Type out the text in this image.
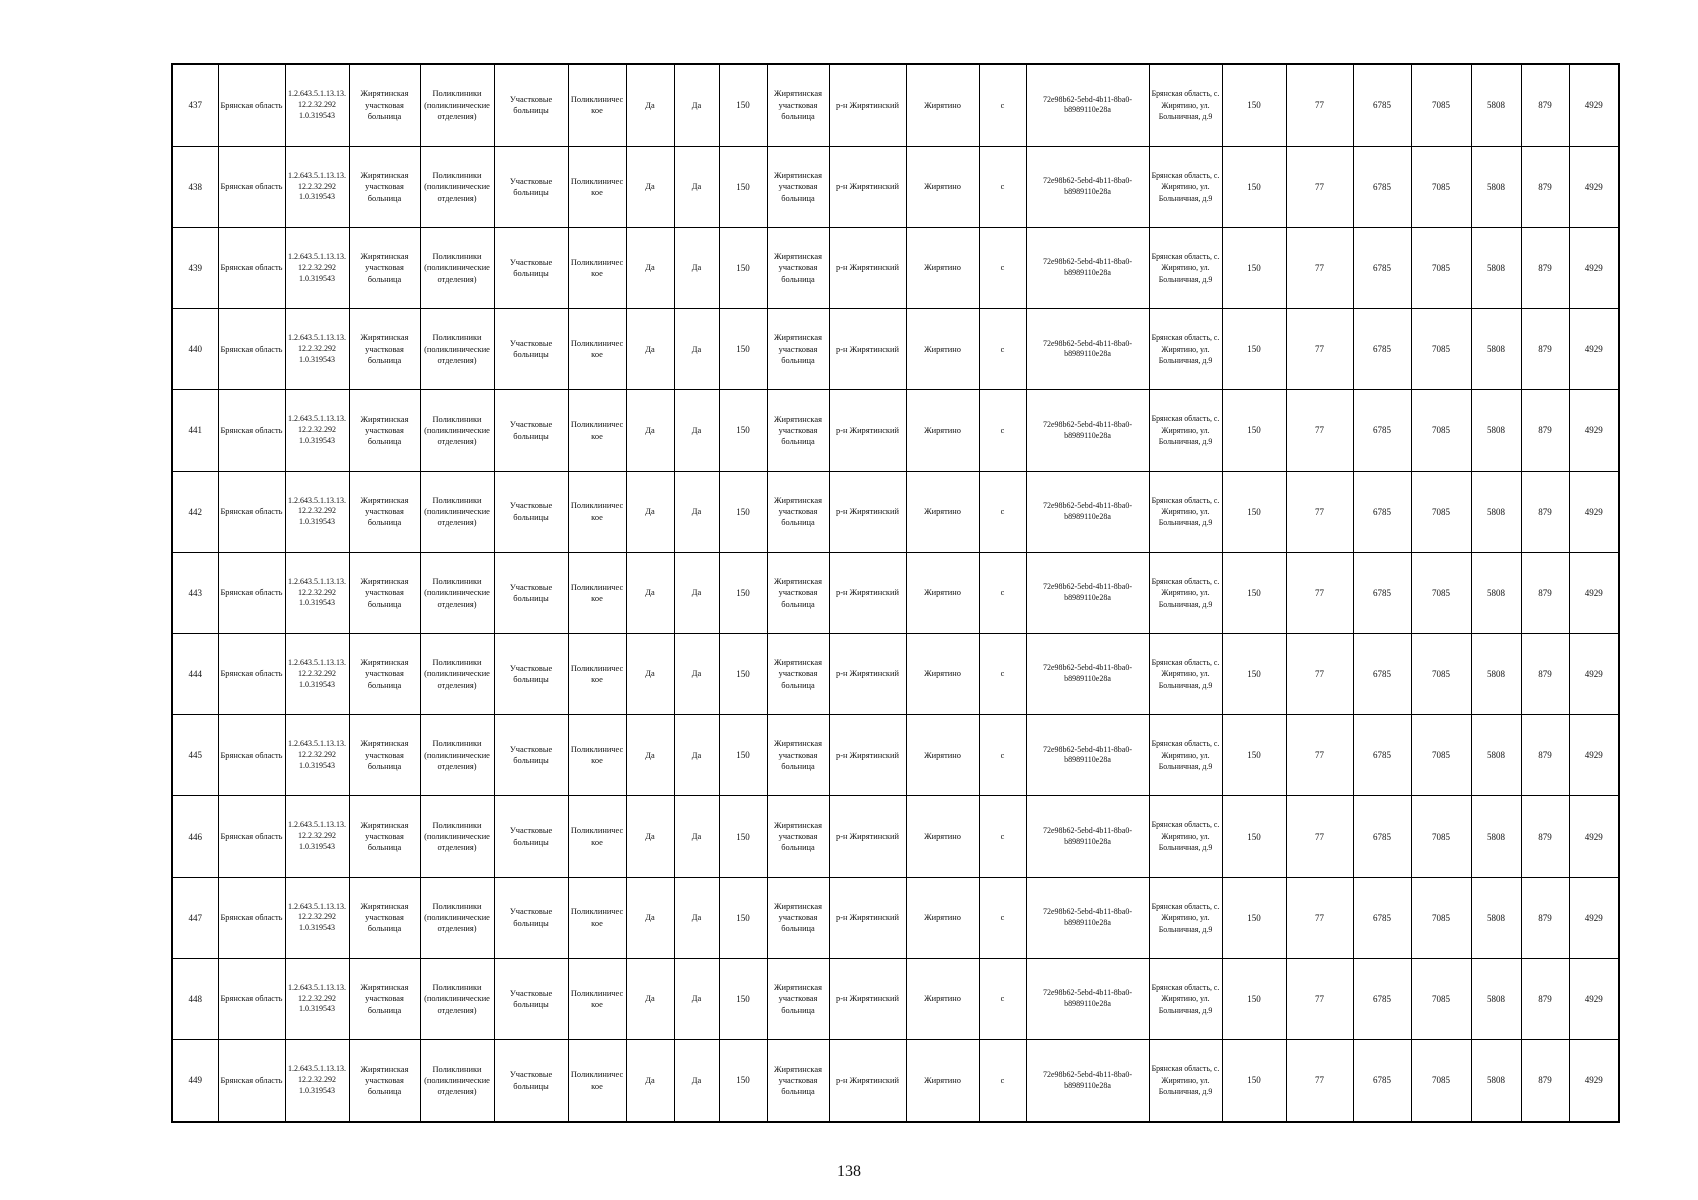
437	Брянская область	1.2.643.5.1.13.13.12.2.32.292 1.0.319543	Жирятинская участковая больница	Поликлиники (поликлинические отделения)	Участковые больницы	Поликлиническое	Да	Да	150	Жирятинская участковая больница	р-н Жирятинский	Жирятино	с	72e98b62-5ebd-4b11-8ba0-b8989110e28a	Брянская область, с. Жирятино, ул. Больничная, д.9	150	77	6785	7085	5808	879	4929
438	Брянская область	1.2.643.5.1.13.13.12.2.32.292 1.0.319543	Жирятинская участковая больница	Поликлиники (поликлинические отделения)	Участковые больницы	Поликлиническое	Да	Да	150	Жирятинская участковая больница	р-н Жирятинский	Жирятино	с	72e98b62-5ebd-4b11-8ba0-b8989110e28a	Брянская область, с. Жирятино, ул. Больничная, д.9	150	77	6785	7085	5808	879	4929
439	Брянская область	1.2.643.5.1.13.13.12.2.32.292 1.0.319543	Жирятинская участковая больница	Поликлиники (поликлинические отделения)	Участковые больницы	Поликлиническое	Да	Да	150	Жирятинская участковая больница	р-н Жирятинский	Жирятино	с	72e98b62-5ebd-4b11-8ba0-b8989110e28a	Брянская область, с. Жирятино, ул. Больничная, д.9	150	77	6785	7085	5808	879	4929
440	Брянская область	1.2.643.5.1.13.13.12.2.32.292 1.0.319543	Жирятинская участковая больница	Поликлиники (поликлинические отделения)	Участковые больницы	Поликлиническое	Да	Да	150	Жирятинская участковая больница	р-н Жирятинский	Жирятино	с	72e98b62-5ebd-4b11-8ba0-b8989110e28a	Брянская область, с. Жирятино, ул. Больничная, д.9	150	77	6785	7085	5808	879	4929
441	Брянская область	1.2.643.5.1.13.13.12.2.32.292 1.0.319543	Жирятинская участковая больница	Поликлиники (поликлинические отделения)	Участковые больницы	Поликлиническое	Да	Да	150	Жирятинская участковая больница	р-н Жирятинский	Жирятино	с	72e98b62-5ebd-4b11-8ba0-b8989110e28a	Брянская область, с. Жирятино, ул. Больничная, д.9	150	77	6785	7085	5808	879	4929
442	Брянская область	1.2.643.5.1.13.13.12.2.32.292 1.0.319543	Жирятинская участковая больница	Поликлиники (поликлинические отделения)	Участковые больницы	Поликлиническое	Да	Да	150	Жирятинская участковая больница	р-н Жирятинский	Жирятино	с	72e98b62-5ebd-4b11-8ba0-b8989110e28a	Брянская область, с. Жирятино, ул. Больничная, д.9	150	77	6785	7085	5808	879	4929
443	Брянская область	1.2.643.5.1.13.13.12.2.32.292 1.0.319543	Жирятинская участковая больница	Поликлиники (поликлинические отделения)	Участковые больницы	Поликлиническое	Да	Да	150	Жирятинская участковая больница	р-н Жирятинский	Жирятино	с	72e98b62-5ebd-4b11-8ba0-b8989110e28a	Брянская область, с. Жирятино, ул. Больничная, д.9	150	77	6785	7085	5808	879	4929
444	Брянская область	1.2.643.5.1.13.13.12.2.32.292 1.0.319543	Жирятинская участковая больница	Поликлиники (поликлинические отделения)	Участковые больницы	Поликлиническое	Да	Да	150	Жирятинская участковая больница	р-н Жирятинский	Жирятино	с	72e98b62-5ebd-4b11-8ba0-b8989110e28a	Брянская область, с. Жирятино, ул. Больничная, д.9	150	77	6785	7085	5808	879	4929
445	Брянская область	1.2.643.5.1.13.13.12.2.32.292 1.0.319543	Жирятинская участковая больница	Поликлиники (поликлинические отделения)	Участковые больницы	Поликлиническое	Да	Да	150	Жирятинская участковая больница	р-н Жирятинский	Жирятино	с	72e98b62-5ebd-4b11-8ba0-b8989110e28a	Брянская область, с. Жирятино, ул. Больничная, д.9	150	77	6785	7085	5808	879	4929
446	Брянская область	1.2.643.5.1.13.13.12.2.32.292 1.0.319543	Жирятинская участковая больница	Поликлиники (поликлинические отделения)	Участковые больницы	Поликлиническое	Да	Да	150	Жирятинская участковая больница	р-н Жирятинский	Жирятино	с	72e98b62-5ebd-4b11-8ba0-b8989110e28a	Брянская область, с. Жирятино, ул. Больничная, д.9	150	77	6785	7085	5808	879	4929
447	Брянская область	1.2.643.5.1.13.13.12.2.32.292 1.0.319543	Жирятинская участковая больница	Поликлиники (поликлинические отделения)	Участковые больницы	Поликлиническое	Да	Да	150	Жирятинская участковая больница	р-н Жирятинский	Жирятино	с	72e98b62-5ebd-4b11-8ba0-b8989110e28a	Брянская область, с. Жирятино, ул. Больничная, д.9	150	77	6785	7085	5808	879	4929
448	Брянская область	1.2.643.5.1.13.13.12.2.32.292 1.0.319543	Жирятинская участковая больница	Поликлиники (поликлинические отделения)	Участковые больницы	Поликлиническое	Да	Да	150	Жирятинская участковая больница	р-н Жирятинский	Жирятино	с	72e98b62-5ebd-4b11-8ba0-b8989110e28a	Брянская область, с. Жирятино, ул. Больничная, д.9	150	77	6785	7085	5808	879	4929
449	Брянская область	1.2.643.5.1.13.13.12.2.32.292 1.0.319543	Жирятинская участковая больница	Поликлиники (поликлинические отделения)	Участковые больницы	Поликлиническое	Да	Да	150	Жирятинская участковая больница	р-н Жирятинский	Жирятино	с	72e98b62-5ebd-4b11-8ba0-b8989110e28a	Брянская область, с. Жирятино, ул. Больничная, д.9	150	77	6785	7085	5808	879	4929
138
